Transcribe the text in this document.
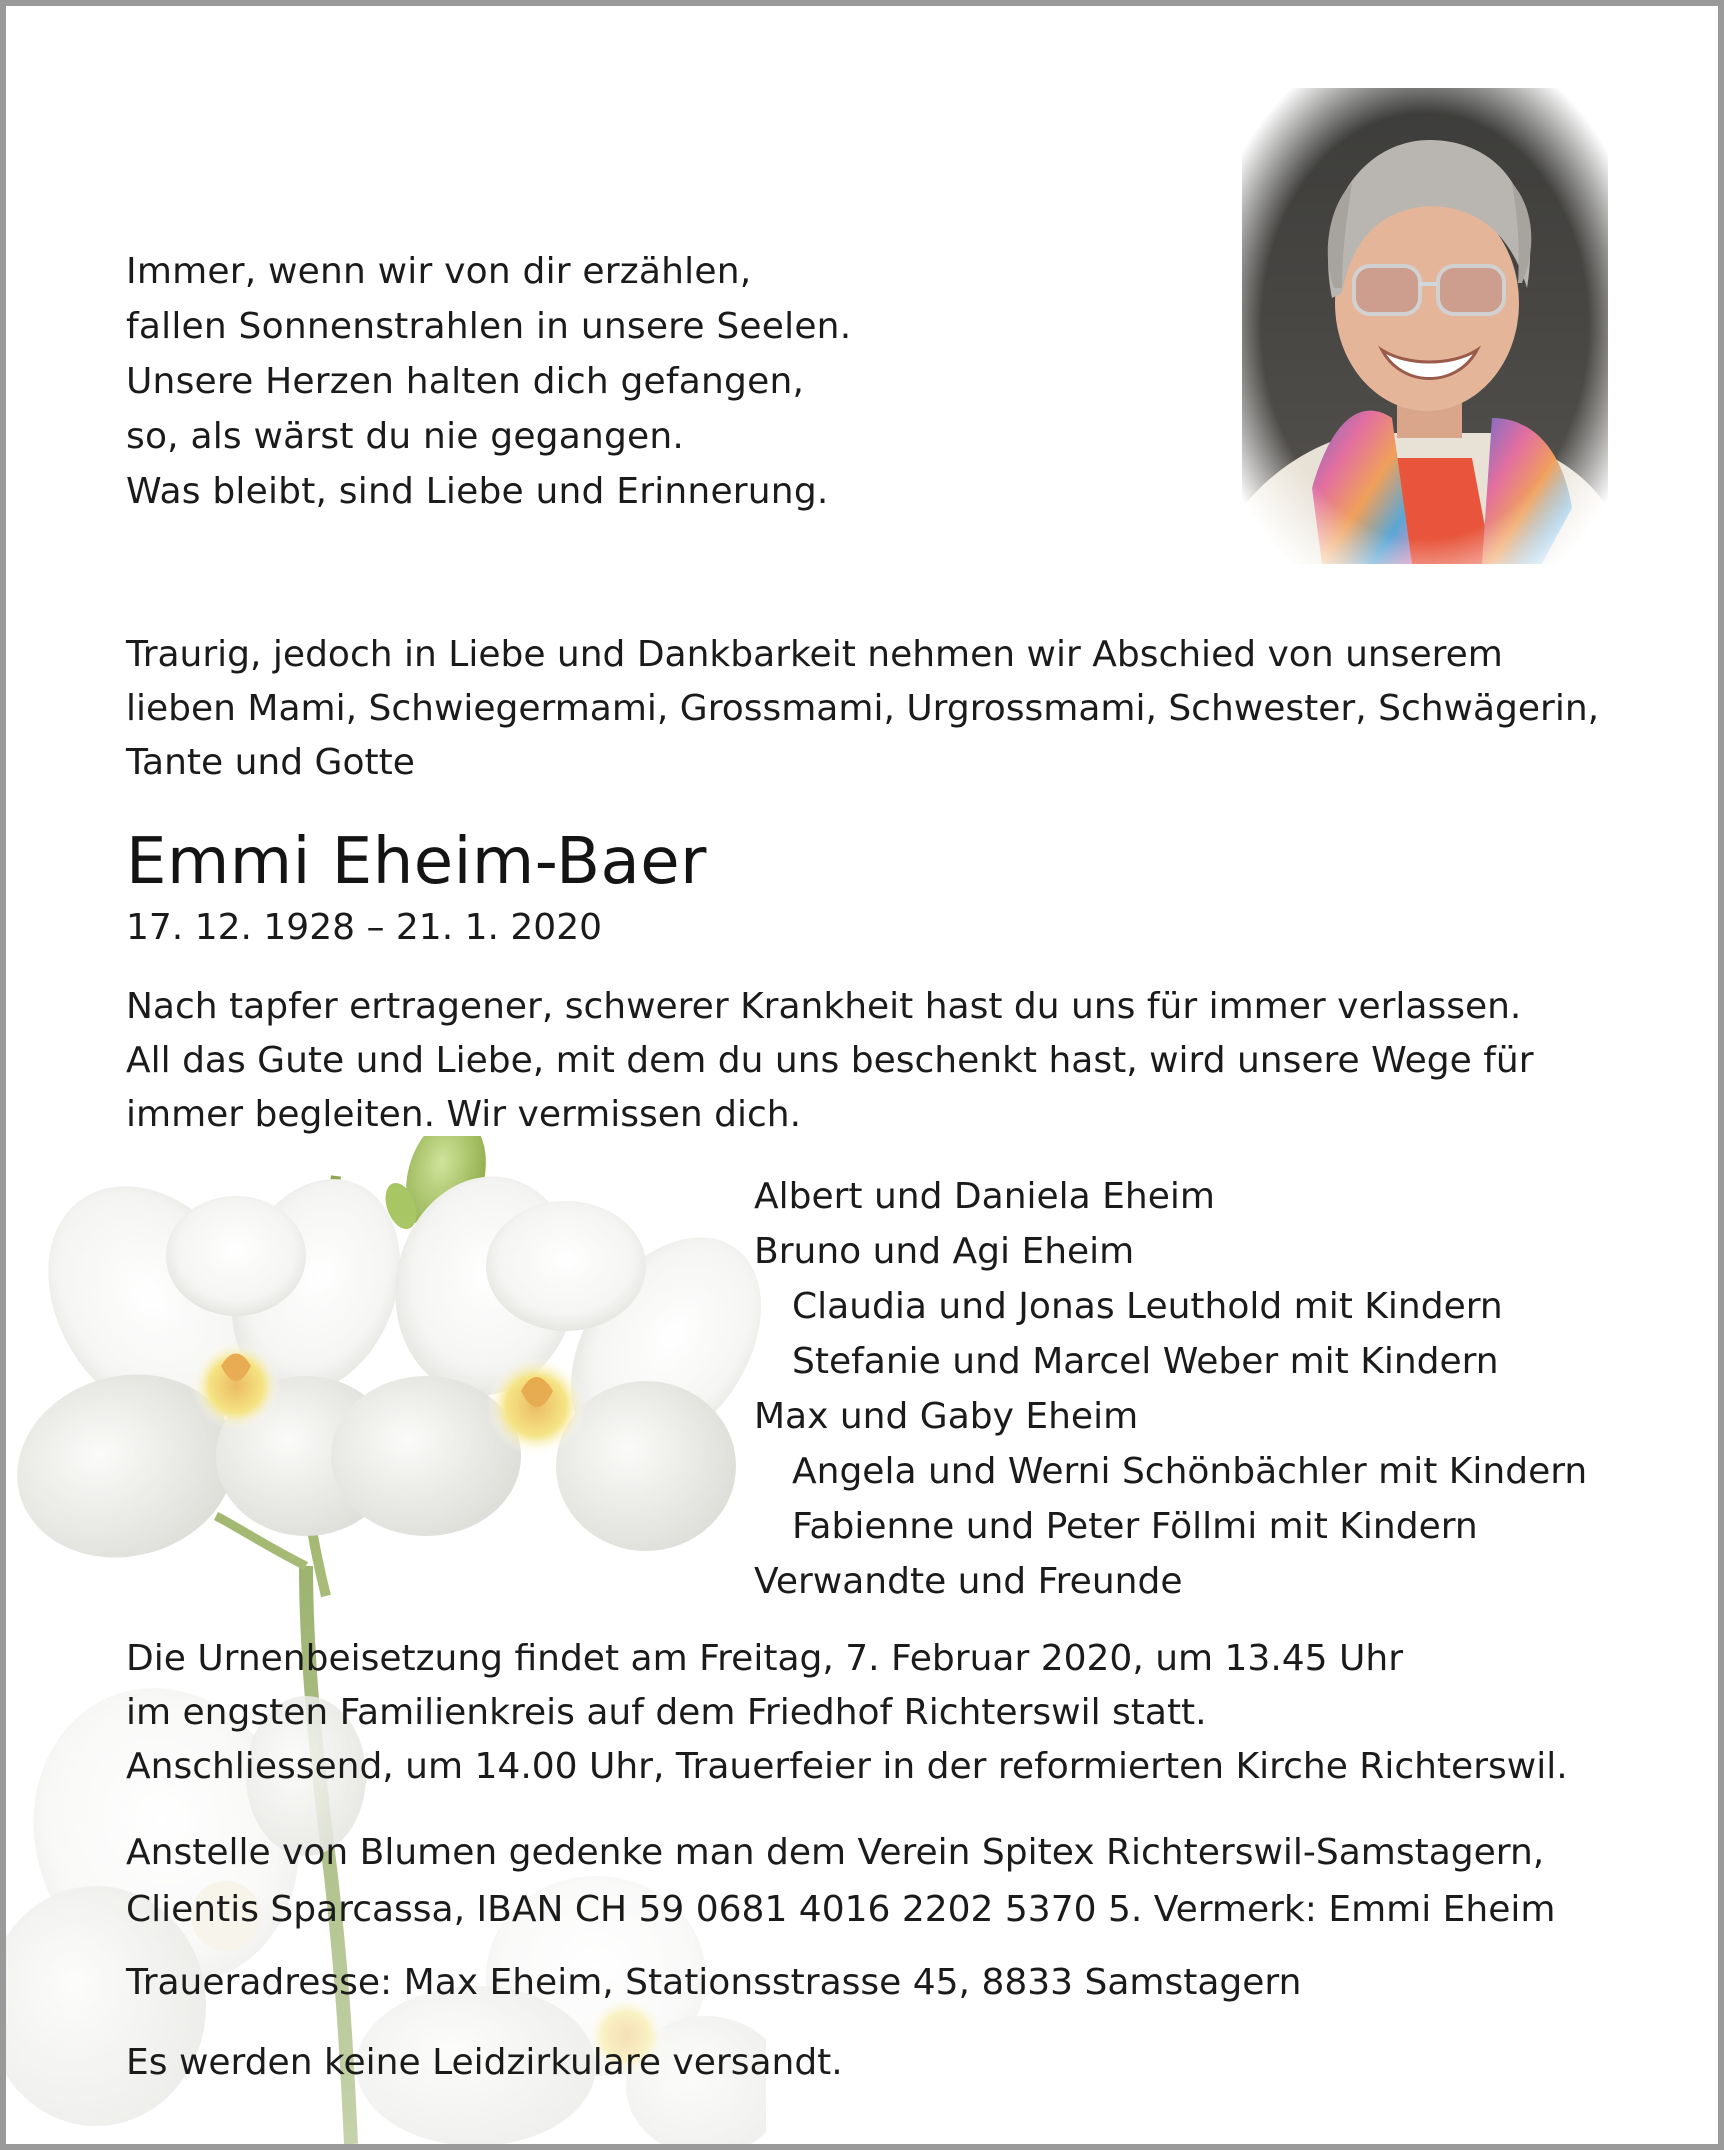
Immer, wenn wir von dir erzählen,
fallen Sonnenstrahlen in unsere Seelen.
Unsere Herzen halten dich gefangen,
so, als wärst du nie gegangen.
Was bleibt, sind Liebe und Erinnerung.
Traurig, jedoch in Liebe und Dankbarkeit nehmen wir Abschied von unserem
lieben Mami, Schwiegermami, Grossmami, Urgrossmami, Schwester, Schwägerin,
Tante und Gotte
Emmi Eheim-Baer
17. 12. 1928 – 21. 1. 2020
Nach tapfer ertragener, schwerer Krankheit hast du uns für immer verlassen.
All das Gute und Liebe, mit dem du uns beschenkt hast, wird unsere Wege für
immer begleiten. Wir vermissen dich.
Albert und Daniela Eheim
Bruno und Agi Eheim
Claudia und Jonas Leuthold mit Kindern
Stefanie und Marcel Weber mit Kindern
Max und Gaby Eheim
Angela und Werni Schönbächler mit Kindern
Fabienne und Peter Föllmi mit Kindern
Verwandte und Freunde
Die Urnenbeisetzung findet am Freitag, 7. Februar 2020, um 13.45 Uhr
im engsten Familienkreis auf dem Friedhof Richterswil statt.
Anschliessend, um 14.00 Uhr, Trauerfeier in der reformierten Kirche Richterswil.
Anstelle von Blumen gedenke man dem Verein Spitex Richterswil-Samstagern,
Clientis Sparcassa, IBAN CH 59 0681 4016 2202 5370 5. Vermerk: Emmi Eheim
Traueradresse: Max Eheim, Stationsstrasse 45, 8833 Samstagern
Es werden keine Leidzirkulare versandt.
